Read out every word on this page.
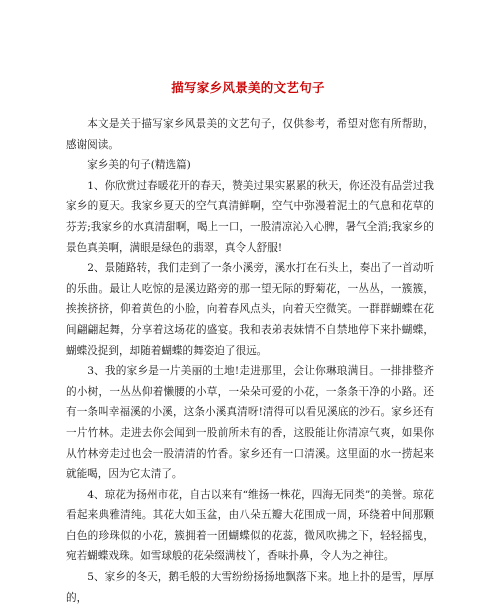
描写家乡风景美的文艺句子

本文是关于描写家乡风景美的文艺句子，仅供参考，希望对您有所帮助，感谢阅读。

家乡美的句子(精选篇)

1、你欣赏过春暖花开的春天，赞美过果实累累的秋天，你还没有品尝过我家乡的夏天。我家乡夏天的空气真清鲜啊，空气中弥漫着泥土的气息和花草的芬芳;我家乡的水真清甜啊，喝上一口，一股清凉沁入心脾，暑气全消;我家乡的景色真美啊，满眼是绿色的翡翠，真令人舒服!

2、景随路转，我们走到了一条小溪旁，溪水打在石头上，奏出了一首动听的乐曲。最让人吃惊的是溪边路旁的那一望无际的野菊花，一丛丛，一簇簇，挨挨挤挤，仰着黄色的小脸，向着春风点头，向着天空微笑。一群群蝴蝶在花间翩翩起舞，分享着这场花的盛宴。我和表弟表妹情不自禁地停下来扑蝴蝶，蝴蝶没捉到，却随着蝴蝶的舞姿迫了很远。

3、我的家乡是一片美丽的土地!走进那里，会让你琳琅满目。一排排整齐的小树，一丛丛仰着懒腰的小草，一朵朵可爱的小花，一条条干净的小路。还有一条叫幸福溪的小溪，这条小溪真清呀!清得可以看见溪底的沙石。家乡还有一片竹林。走进去你会闻到一股前所未有的香，这股能让你清凉气爽，如果你从竹林旁走过也会一股清清的竹香。家乡还有一口清溪。这里面的水一捞起来就能喝，因为它太清了。

4、琼花为扬州市花，自古以来有“维扬一株花，四海无同类”的美誉。琼花看起来典雅清纯。其花大如玉盆，由八朵五瓣大花围成一周，环绕着中间那颗白色的珍珠似的小花，簇拥着一团蝴蝶似的花蕊，微风吹拂之下，轻轻摇曳，宛若蝴蝶戏珠。如雪球般的花朵缀满枝丫，香味扑鼻，令人为之神往。

5、家乡的冬天，鹅毛般的大雪纷纷扬扬地飘落下来。地上扑的是雪，厚厚的，
